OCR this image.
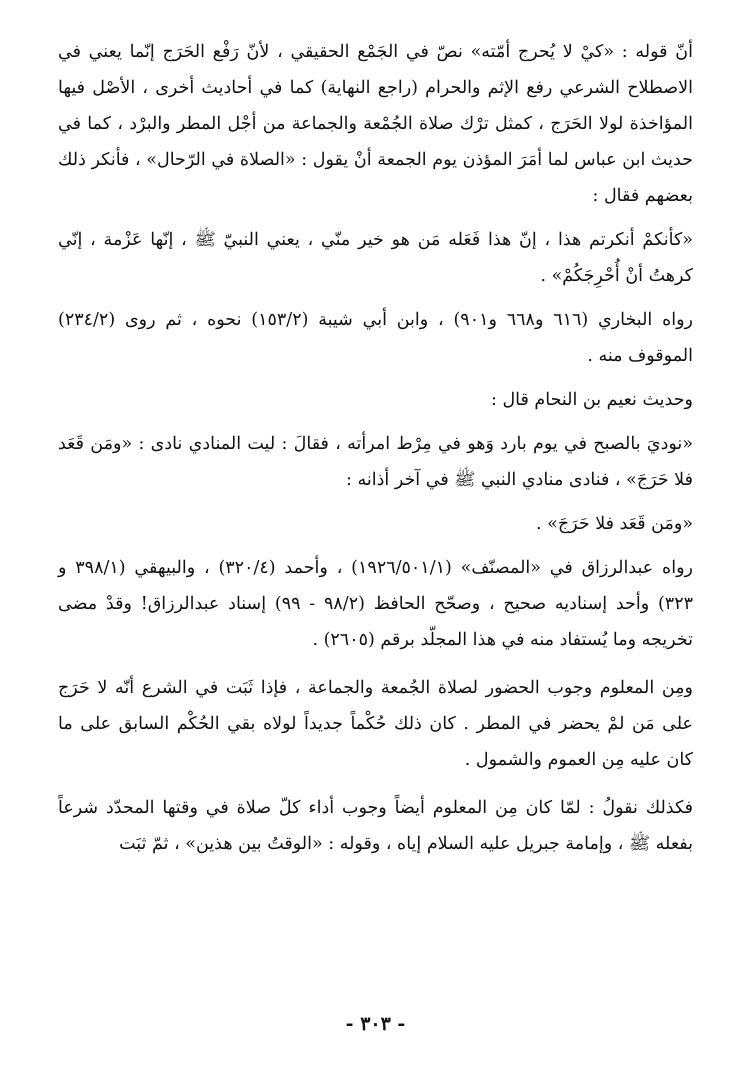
أنّ قوله : «كيْ لا يُحرج أمّته» نصّ في الجَمْع الحقيقي ، لأنّ رَفْع الحَرَج إنّما يعني في الاصطلاح الشرعي رفع الإثم والحرام (راجع النهاية) كما في أحاديث أخرى ، الأصْل فيها المؤاخذة لولا الحَرَج ، كمثل ترْك صلاة الجُمْعة والجماعة من أجْل المطر والبرْد ، كما في حديث ابن عباس لما أمَرَ المؤذن يوم الجمعة أنْ يقول : «الصلاة في الرّحال» ، فأنكر ذلك بعضهم فقال :

«كأنكمْ أنكرتم هذا ، إنّ هذا فَعَله مَن هو خير منّي ، يعني النبيّ ﷺ ، إنّها عَزْمة ، إنّي كرهتُ أنْ أُحْرِجَكُمْ» .

رواه البخاري (٦١٦ و٦٦٨ و٩٠١) ، وابن أبي شيبة (١٥٣/٢) نحوه ، ثم روى (٢٣٤/٢) الموقوف منه .

وحديث نعيم بن النحام قال :

«نوديَ بالصبح في يوم بارد وَهو في مِرْط امرأته ، فقالَ : ليت المنادي نادى : «ومَن قَعَد فلا حَرَجَ» ، فنادى منادي النبي ﷺ في آخر أذانه :

«ومَن قَعَد فلا حَرَجَ» .

رواه عبدالرزاق في «المصنّف» (١٩٢٦/٥٠١/١) ، وأحمد (٣٢٠/٤) ، والبيهقي (٣٩٨/١ و ٣٢٣) وأحد إسناديه صحيح ، وصحّح الحافظ (٩٨/٢ - ٩٩) إسناد عبدالرزاق! وقدْ مضى تخريجه وما يُستفاد منه في هذا المجلّد برقم (٢٦٠٥) .

ومِن المعلوم وجوب الحضور لصلاة الجُمعة والجماعة ، فإذا ثَبَت في الشرع أنّه لا حَرَج على مَن لمْ يحضر في المطر . كان ذلك حُكْماً جديداً لولاه بقي الحُكْم السابق على ما كان عليه مِن العموم والشمول .

فكذلك نقولُ : لمّا كان مِن المعلوم أيضاً وجوب أداء كلّ صلاة في وقتها المحدّد شرعاً بفعله ﷺ ، وإمامة جبريل عليه السلام إياه ، وقوله : «الوقتُ بين هذين» ، ثمّ ثبَت

- ٣٠٣ -
